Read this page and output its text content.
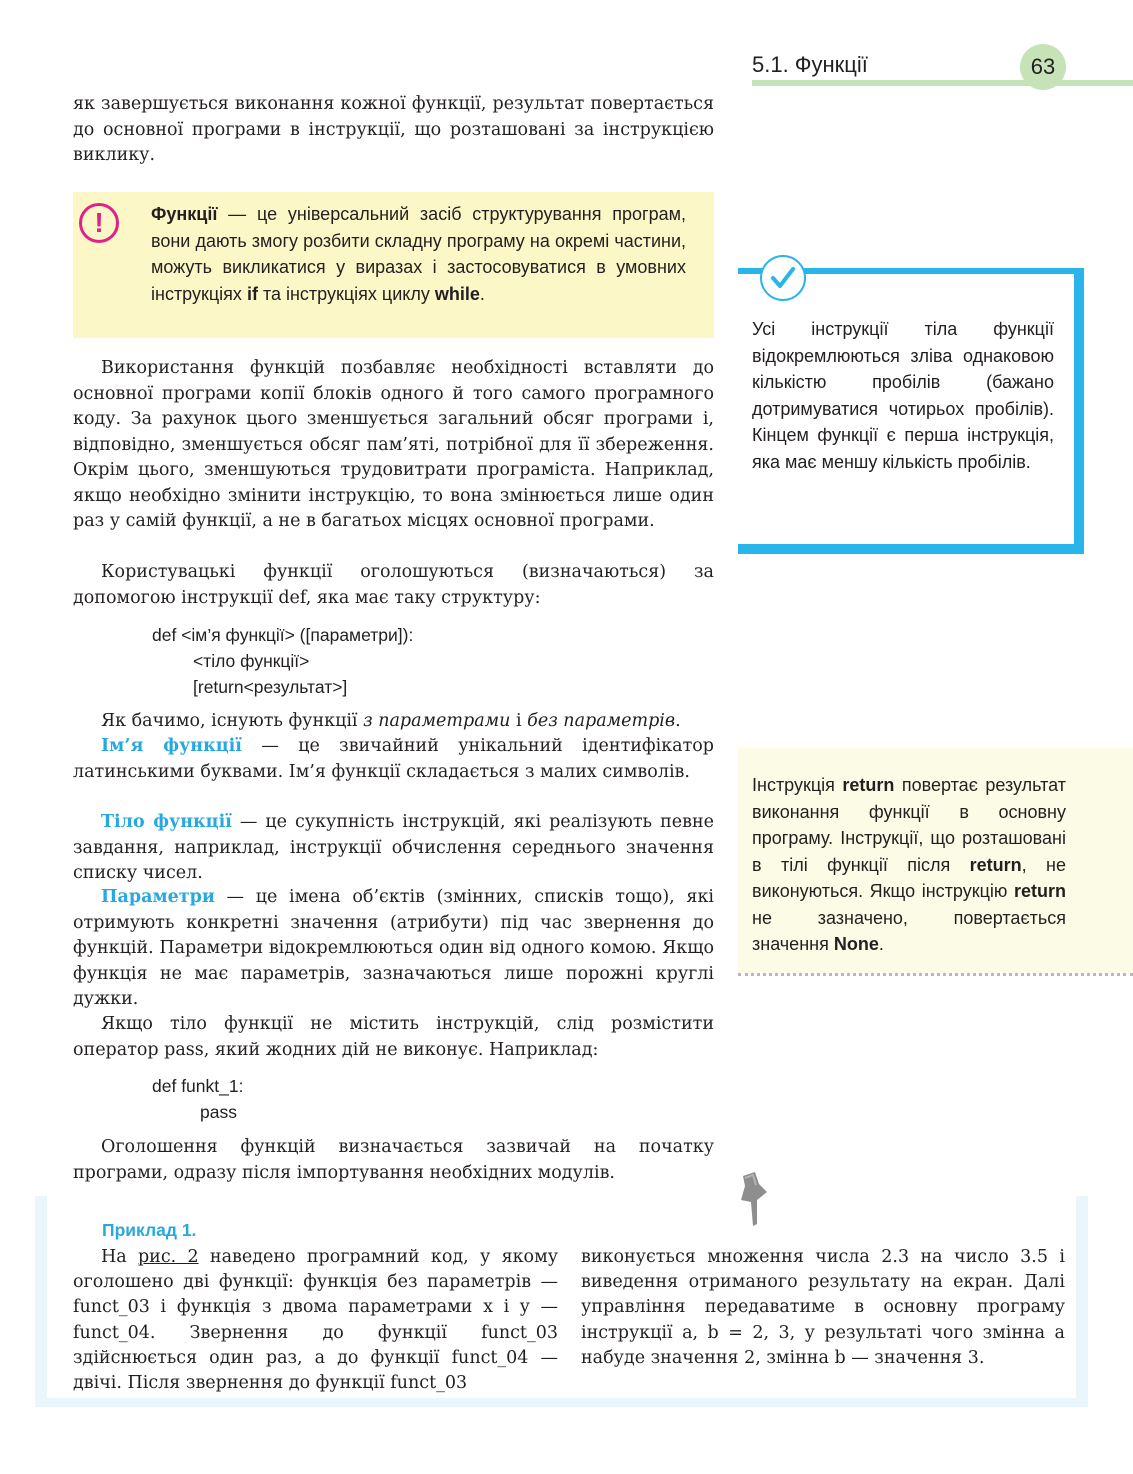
5.1. Функції	63

як завершується виконання кожної функції, результат повертається до основної програми в інструкції, що розташовані за інструкцією виклику.

!	Функції — це універсальний засіб структурування програм, вони дають змогу розбити складну програму на окремі частини, можуть викликатися у виразах і застосовуватися в умовних інструкціях if та інструкціях циклу while.

Усі інструкції тіла функції відокремлюються зліва однаковою кількістю пробілів (бажано дотримуватися чотирьох пробілів). Кінцем функції є перша інструкція, яка має меншу кількість пробілів.

Використання функцій позбавляє необхідності вставляти до основної програми копії блоків одного й того самого програмного коду. За рахунок цього зменшується загальний обсяг програми і, відповідно, зменшується обсяг пам’яті, потрібної для її збереження. Окрім цього, зменшуються трудовитрати програміста. Наприклад, якщо необхідно змінити інструкцію, то вона змінюється лише один раз у самій функції, а не в багатьох місцях основної програми.

Користувацькі функції оголошуються (визначаються) за допомогою інструкції def, яка має таку структуру:

def <ім’я функції> ([параметри]):
<тіло функції>
[return<результат>]

Як бачимо, існують функції з параметрами і без параметрів.

Ім’я функції — це звичайний унікальний ідентифікатор латинськими буквами. Ім’я функції складається з малих символів.

Тіло функції — це сукупність інструкцій, які реалізують певне завдання, наприклад, інструкції обчислення середнього значення списку чисел.

Параметри — це імена об’єктів (змінних, списків тощо), які отримують конкретні значення (атрибути) під час звернення до функцій. Параметри відокремлюються один від одного комою. Якщо функція не має параметрів, зазначаються лише порожні круглі дужки.

Якщо тіло функції не містить інструкцій, слід розмістити оператор pass, який жодних дій не виконує. Наприклад:

def funkt_1:
pass

Оголошення функцій визначається зазвичай на початку програми, одразу після імпортування необхідних модулів.

Інструкція return повертає результат виконання функції в основну програму. Інструкції, що розташовані в тілі функції після return, не виконуються. Якщо інструкцію return не зазначено, повертається значення None.

Приклад 1.

На рис. 2 наведено програмний код, у якому оголошено дві функції: функція без параметрів — funct_03 і функція з двома параметрами x і y — funct_04. Звернення до функції funct_03 здійснюється один раз, а до функції funct_04 — двічі. Після звернення до функції funct_03

виконується множення числа 2.3 на число 3.5 і виведення отриманого результату на екран. Далі управління передаватиме в основну програму інструкції a, b = 2, 3, у результаті чого змінна a набуде значення 2, змінна b — значення 3.
